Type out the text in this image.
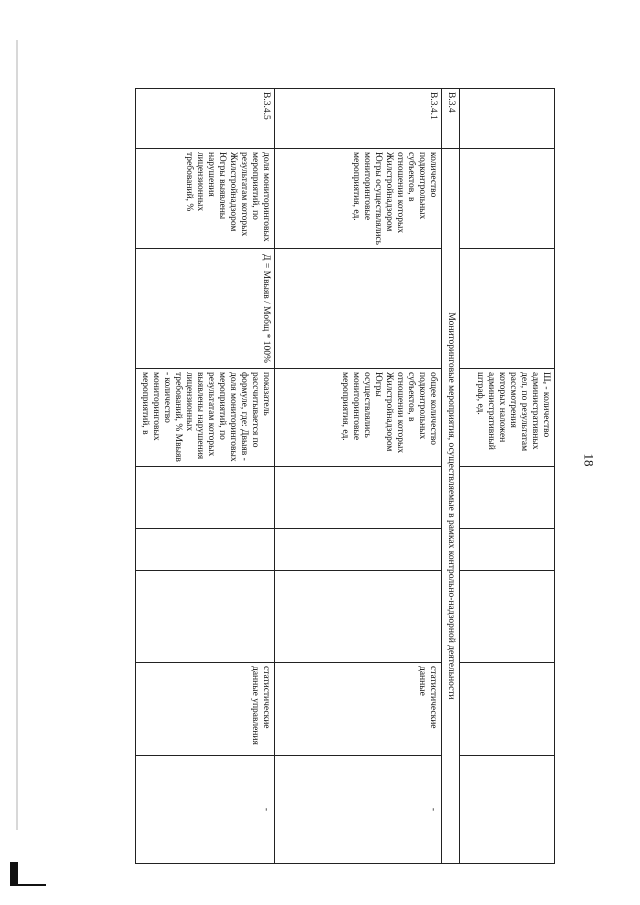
18
			Шₑ - количество административных дел, по результатам рассмотрения которых наложен административный штраф, ед.					
В.3.4	Мониторинговые мероприятия, осуществляемые в рамках контрольно-надзорной деятельности							
В.3.4.1	количество подконтрольных субъектов, в отношении которых Жилстройнадзором Югры осуществлялись мониторинговые мероприятия, ед.		общее количество подконтрольных субъектов, в отношении которых Жилстройнадзором Югры осуществлялись мониторинговые мероприятия, ед.				статистические данные	-
В.3.4.5	доля мониторинговых мероприятий, по результатам которых Жилстройнадзором Югры выявлены нарушения лицензионных требований, %	Д = Мвыяв / Мобщ * 100%	показатель рассчитывается по формуле, где: Двыяв - доля мониторинговых мероприятий, по результатам которых выявлены нарушения лицензионных требований, % Мвыяв - количество мониторинговых мероприятий, в				статистические данные управления	-
